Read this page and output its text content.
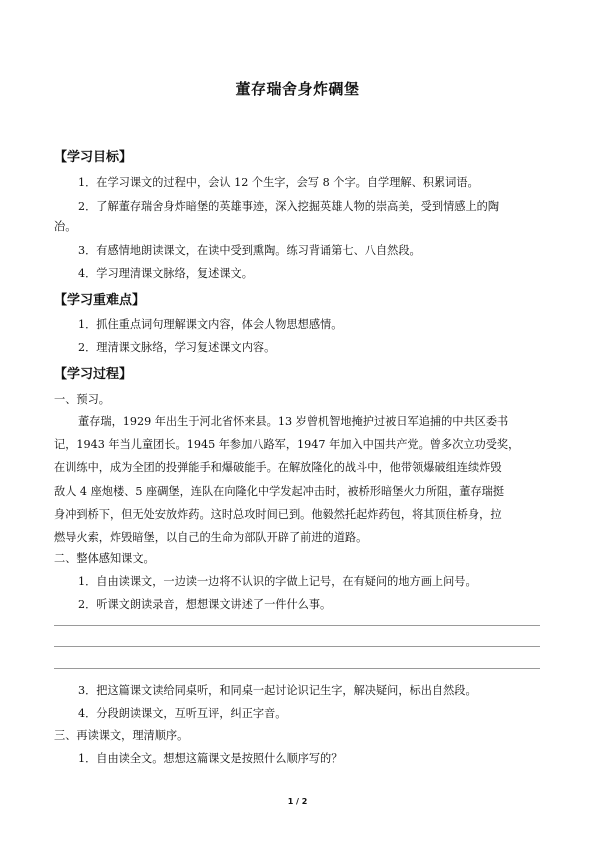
董存瑞舍身炸碉堡
【学习目标】
1．在学习课文的过程中，会认 12 个生字，会写 8 个字。自学理解、积累词语。
2．了解董存瑞舍身炸暗堡的英雄事迹，深入挖掘英雄人物的崇高美，受到情感上的陶
冶。
3．有感情地朗读课文，在读中受到熏陶。练习背诵第七、八自然段。
4．学习理清课文脉络，复述课文。
【学习重难点】
1．抓住重点词句理解课文内容，体会人物思想感情。
2．理清课文脉络，学习复述课文内容。
【学习过程】
一、预习。
董存瑞，1929 年出生于河北省怀来县。13 岁曾机智地掩护过被日军追捕的中共区委书
记，1943 年当儿童团长。1945 年参加八路军，1947 年加入中国共产党。曾多次立功受奖，
在训练中，成为全团的投弹能手和爆破能手。在解放隆化的战斗中，他带领爆破组连续炸毁
敌人 4 座炮楼、5 座碉堡，连队在向隆化中学发起冲击时，被桥形暗堡火力所阻，董存瑞挺
身冲到桥下，但无处安放炸药。这时总攻时间已到。他毅然托起炸药包，将其顶住桥身，拉
燃导火索，炸毁暗堡，以自己的生命为部队开辟了前进的道路。
二、整体感知课文。
1．自由读课文，一边读一边将不认识的字做上记号，在有疑问的地方画上问号。
2．听课文朗读录音，想想课文讲述了一件什么事。
3．把这篇课文读给同桌听，和同桌一起讨论识记生字，解决疑问，标出自然段。
4．分段朗读课文，互听互评，纠正字音。
三、再读课文，理清顺序。
1．自由读全文。想想这篇课文是按照什么顺序写的？
1 / 2
